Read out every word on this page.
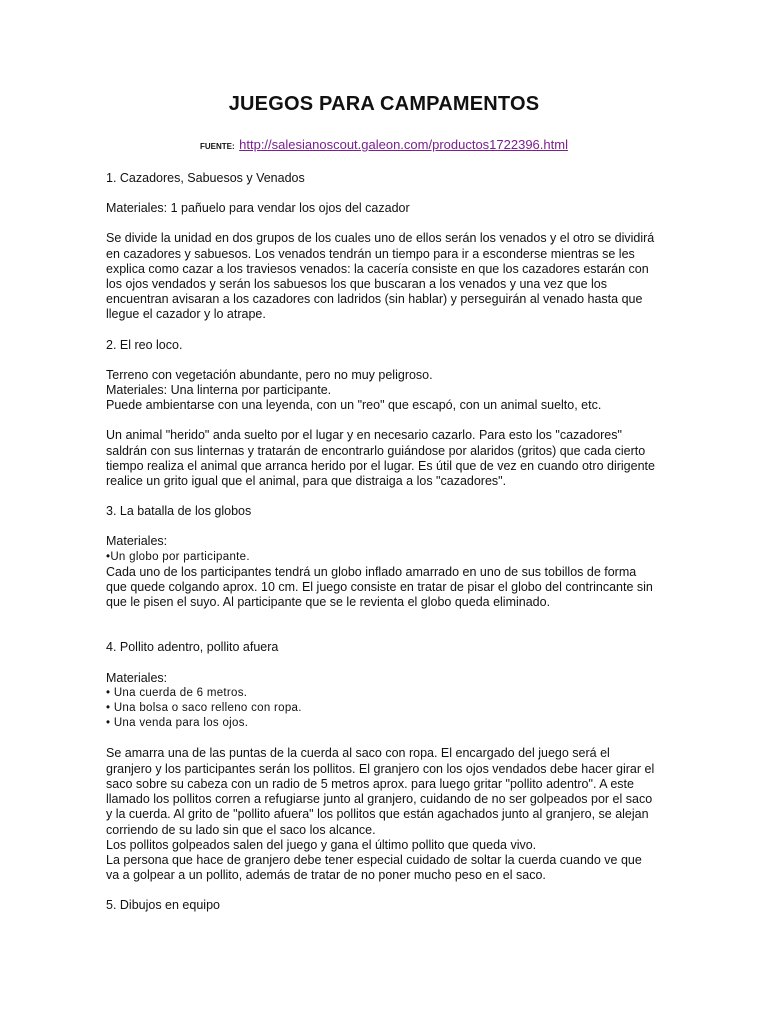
JUEGOS PARA CAMPAMENTOS
FUENTE: http://salesianoscout.galeon.com/productos1722396.html

1. Cazadores, Sabuesos y Venados

Materiales: 1 pañuelo para vendar los ojos del cazador

Se divide la unidad en dos grupos de los cuales uno de ellos serán los venados y el otro se dividirá
en cazadores y sabuesos. Los venados tendrán un tiempo para ir a esconderse mientras se les
explica como cazar a los traviesos venados: la cacería consiste en que los cazadores estarán con
los ojos vendados y serán los sabuesos los que buscaran a los venados y una vez que los
encuentran avisaran a los cazadores con ladridos (sin hablar) y perseguirán al venado hasta que
llegue el cazador y lo atrape.

2. El reo loco.

Terreno con vegetación abundante, pero no muy peligroso.
Materiales: Una linterna por participante.
Puede ambientarse con una leyenda, con un "reo" que escapó, con un animal suelto, etc.

Un animal "herido" anda suelto por el lugar y en necesario cazarlo. Para esto los "cazadores"
saldrán con sus linternas y tratarán de encontrarlo guiándose por alaridos (gritos) que cada cierto
tiempo realiza el animal que arranca herido por el lugar. Es útil que de vez en cuando otro dirigente
realice un grito igual que el animal, para que distraiga a los "cazadores".

3. La batalla de los globos

Materiales:
•Un globo por participante.
Cada uno de los participantes tendrá un globo inflado amarrado en uno de sus tobillos de forma
que quede colgando aprox. 10 cm. El juego consiste en tratar de pisar el globo del contrincante sin
que le pisen el suyo. Al participante que se le revienta el globo queda eliminado.

4. Pollito adentro, pollito afuera

Materiales:
• Una cuerda de 6 metros.
• Una bolsa o saco relleno con ropa.
• Una venda para los ojos.

Se amarra una de las puntas de la cuerda al saco con ropa. El encargado del juego será el
granjero y los participantes serán los pollitos. El granjero con los ojos vendados debe hacer girar el
saco sobre su cabeza con un radio de 5 metros aprox. para luego gritar "pollito adentro". A este
llamado los pollitos corren a refugiarse junto al granjero, cuidando de no ser golpeados por el saco
y la cuerda. Al grito de "pollito afuera" los pollitos que están agachados junto al granjero, se alejan
corriendo de su lado sin que el saco los alcance.
Los pollitos golpeados salen del juego y gana el último pollito que queda vivo.
La persona que hace de granjero debe tener especial cuidado de soltar la cuerda cuando ve que
va a golpear a un pollito, además de tratar de no poner mucho peso en el saco.

5. Dibujos en equipo
